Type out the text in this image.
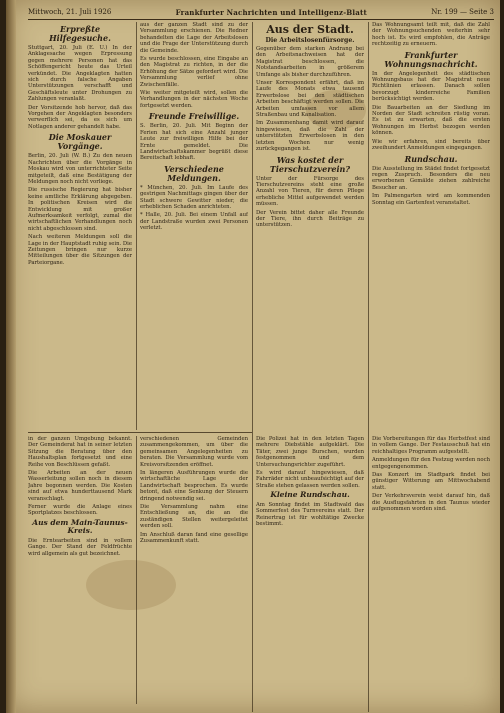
Mittwoch, 21. Juli 1926	Frankfurter Nachrichten und Intelligenz-Blatt	Nr. 199 — Seite 3
Erpreßte Hilfegesuche.

Stuttgart, 20. Juli (E. U.) In der Anklagesache wegen Erpressung gegen mehrere Personen hat das Schöffengericht heute das Urteil verkündet. Die Angeklagten hatten sich durch falsche Angaben Unterstützungen verschafft und Geschäftsleute unter Drohungen zu Zahlungen veranlaßt.

Der Vorsitzende hob hervor, daß das Vorgehen der Angeklagten besonders verwerflich sei, da es sich um Notlagen anderer gehandelt habe.

Die Moskauer Vorgänge.

Berlin, 20. Juli (W. B.) Zu den neuen Nachrichten über die Vorgänge in Moskau wird von unterrichteter Seite mitgeteilt, daß eine Bestätigung der Meldungen noch nicht vorliege.

Die russische Regierung hat bisher keine amtliche Erklärung abgegeben. In politischen Kreisen wird die Entwicklung mit großer Aufmerksamkeit verfolgt, zumal die wirtschaftlichen Verhandlungen noch nicht abgeschlossen sind.

Nach weiteren Meldungen soll die Lage in der Hauptstadt ruhig sein. Die Zeitungen bringen nur kurze Mitteilungen über die Sitzungen der Parteiorgane.

aus der ganzen Stadt sind zu der Versammlung erschienen. Die Redner behandelten die Lage der Arbeitslosen und die Frage der Unterstützung durch die Gemeinde.

Es wurde beschlossen, eine Eingabe an den Magistrat zu richten, in der die Erhöhung der Sätze gefordert wird. Die Versammlung verlief ohne Zwischenfälle.

Wie weiter mitgeteilt wird, sollen die Verhandlungen in der nächsten Woche fortgesetzt werden.

Freunde Freiwillige.

S. Berlin, 20. Juli. Mit Beginn der Ferien hat sich eine Anzahl junger Leute zur freiwilligen Hilfe bei der Ernte gemeldet. Die Landwirtschaftskammer begrüßt diese Bereitschaft lebhaft.

Verschiedene Meldungen.

* München, 20. Juli. Im Laufe des gestrigen Nachmittags gingen über der Stadt schwere Gewitter nieder, die erheblichen Schaden anrichteten.

* Halle, 20. Juli. Bei einem Unfall auf der Landstraße wurden zwei Personen verletzt.

Aus der Stadt.
Die Arbeitslosenfürsorge.

Gegenüber dem starken Andrang bei den Arbeitsnachweisen hat der Magistrat beschlossen, die Notstandsarbeiten in größerem Umfange als bisher durchzuführen.

Unser Korrespondent erfährt, daß im Laufe des Monats etwa tausend Erwerbslose bei den städtischen Arbeiten beschäftigt werden sollen. Die Arbeiten umfassen vor allem Straßenbau und Kanalisation.

Im Zusammenhang damit wird darauf hingewiesen, daß die Zahl der unterstützten Erwerbslosen in den letzten Wochen nur wenig zurückgegangen ist.

Was kostet der Tierschutzverein?

Unter der Fürsorge des Tierschutzvereins steht eine große Anzahl von Tieren, für deren Pflege erhebliche Mittel aufgewendet werden müssen.

Der Verein bittet daher alle Freunde der Tiere, ihn durch Beiträge zu unterstützen.

Das Wohnungsamt teilt mit, daß die Zahl der Wohnungsuchenden weiterhin sehr hoch ist. Es wird empfohlen, die Anträge rechtzeitig zu erneuern.

Frankfurter Wohnungsnachricht.

In der Angelegenheit des städtischen Wohnungsbaus hat der Magistrat neue Richtlinien erlassen. Danach sollen bevorzugt kinderreiche Familien berücksichtigt werden.

Die Bauarbeiten an der Siedlung im Norden der Stadt schreiten rüstig voran. Es ist zu erwarten, daß die ersten Wohnungen im Herbst bezogen werden können.

Wie wir erfahren, sind bereits über zweihundert Anmeldungen eingegangen.

Rundschau.

Die Ausstellung im Städel findet fortgesetzt regen Zuspruch. Besonders die neu erworbenen Gemälde ziehen zahlreiche Besucher an.

Im Palmengarten wird am kommenden Sonntag ein Gartenfest veranstaltet.

in der ganzen Umgebung bekannt. Der Gemeinderat hat in seiner letzten Sitzung die Beratung über den Haushaltsplan fortgesetzt und eine Reihe von Beschlüssen gefaßt.

Die Arbeiten an der neuen Wasserleitung sollen noch in diesem Jahre begonnen werden. Die Kosten sind auf etwa hunderttausend Mark veranschlagt.

Ferner wurde die Anlage eines Sportplatzes beschlossen.

Aus dem Main-Taunus-Kreis.

Die Erntearbeiten sind in vollem Gange. Der Stand der Feldfrüchte wird allgemein als gut bezeichnet.

verschiedenen Gemeinden zusammengekommen, um über die gemeinsamen Angelegenheiten zu beraten. Die Versammlung wurde vom Kreisvorsitzenden eröffnet.

In längeren Ausführungen wurde die wirtschaftliche Lage der Landwirtschaft besprochen. Es wurde betont, daß eine Senkung der Steuern dringend notwendig sei.

Die Versammlung nahm eine Entschließung an, die an die zuständigen Stellen weitergeleitet werden soll.

Im Anschluß daran fand eine gesellige Zusammenkunft statt.

Die Polizei hat in den letzten Tagen mehrere Diebstähle aufgeklärt. Die Täter, zwei junge Burschen, wurden festgenommen und dem Untersuchungsrichter zugeführt.

Es wird darauf hingewiesen, daß Fahrräder nicht unbeaufsichtigt auf der Straße stehen gelassen werden sollen.

Kleine Rundschau.

Am Sonntag findet im Stadtwald das Sommerfest des Turnvereins statt. Der Reinertrag ist für wohltätige Zwecke bestimmt.

Die Vorbereitungen für das Herbstfest sind in vollem Gange. Der Festausschuß hat ein reichhaltiges Programm aufgestellt.

Anmeldungen für den Festzug werden noch entgegengenommen.

Das Konzert im Stadtpark findet bei günstiger Witterung am Mittwochabend statt.

Der Verkehrsverein weist darauf hin, daß die Ausflugsfahrten in den Taunus wieder aufgenommen worden sind.
